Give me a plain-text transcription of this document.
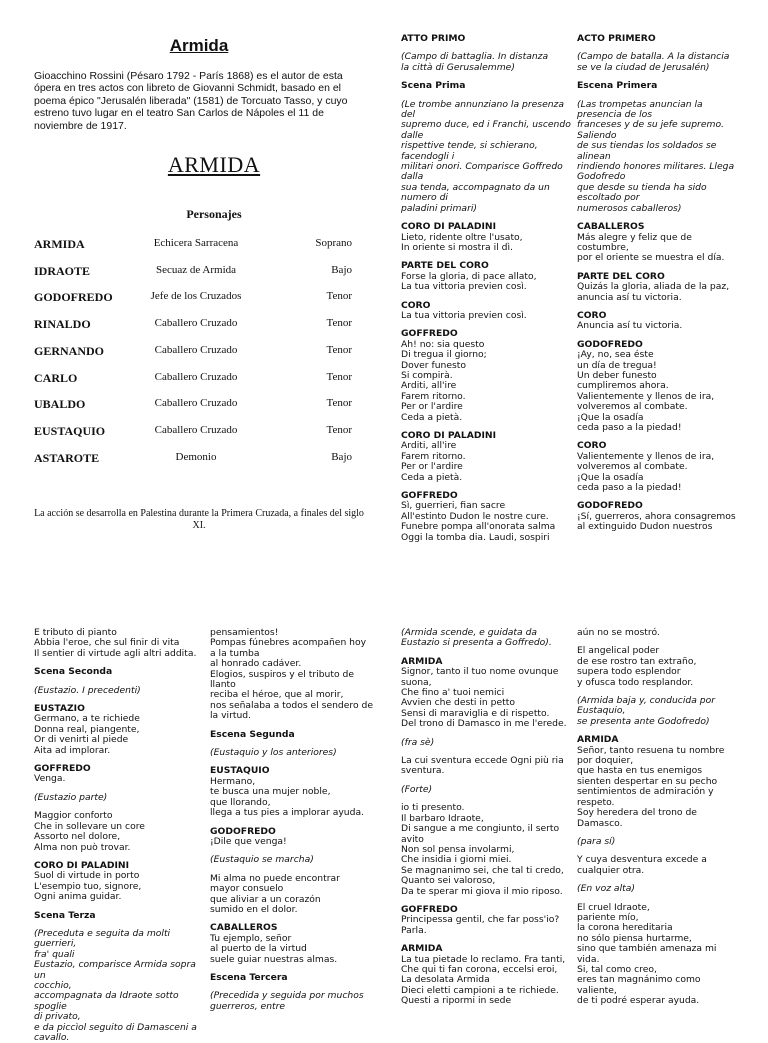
Armida
Gioacchino Rossini (Pésaro 1792 - París 1868) es el autor de esta ópera en tres actos con libreto de Giovanni Schmidt, basado en el poema épico "Jerusalén liberada" (1581) de Torcuato Tasso, y cuyo estreno tuvo lugar en el teatro San Carlos de Nápoles el 11 de noviembre de 1917.
ARMIDA
Personajes
ARMIDA	Echicera Sarracena	Soprano
IDRAOTE	Secuaz de Armida	Bajo
GODOFREDO	Jefe de los Cruzados	Tenor
RINALDO	Caballero Cruzado	Tenor
GERNANDO	Caballero Cruzado	Tenor
CARLO	Caballero Cruzado	Tenor
UBALDO	Caballero Cruzado	Tenor
EUSTAQUIO	Caballero Cruzado	Tenor
ASTAROTE	Demonio	Bajo
La acción se desarrolla en Palestina durante la Primera Cruzada, a finales del siglo XI.
ATTO PRIMO
(Campo di battaglia. In distanza
la città di Gerusalemme)
Scena Prima
(Le trombe annunziano la presenza del
supremo duce, ed i Franchi, uscendo
dalle
rispettive tende, si schierano,
facendogli i
militari onori. Comparisce Goffredo
dalla
sua tenda, accompagnato da un
numero di
paladini primari)
CORO DI PALADINI
Lieto, ridente oltre l'usato,
In oriente si mostra il dì.
PARTE DEL CORO
Forse la gloria, di pace allato,
La tua vittoria previen così.
CORO
La tua vittoria previen così.
GOFFREDO
Ah! no: sia questo
Di tregua il giorno;
Dover funesto
Si compirà.
Arditi, all'ire
Farem ritorno.
Per or l'ardire
Ceda a pietà.
CORO DI PALADINI
Arditi, all'ire
Farem ritorno.
Per or l'ardire
Ceda a pietà.
GOFFREDO
Sì, guerrieri, fian sacre
All'estinto Dudon le nostre cure.
Funebre pompa all'onorata salma
Oggi la tomba dia. Laudi, sospiri
ACTO PRIMERO
(Campo de batalla. A la distancia
se ve la ciudad de Jerusalén)
Escena Primera
(Las trompetas anuncian la
presencia de los
franceses y de su jefe supremo.
Saliendo
de sus tiendas los soldados se
alinean
rindiendo honores militares. Llega
Godofredo
que desde su tienda ha sido
escoltado por
numerosos caballeros)
CABALLEROS
Más alegre y feliz que de
costumbre,
por el oriente se muestra el día.
PARTE DEL CORO
Quizás la gloria, aliada de la paz,
anuncia así tu victoria.
CORO
Anuncia así tu victoria.
GODOFREDO
¡Ay, no, sea éste
un día de tregua!
Un deber funesto
cumpliremos ahora.
Valientemente y llenos de ira,
volveremos al combate.
¡Que la osadía
ceda paso a la piedad!
CORO
Valientemente y llenos de ira,
volveremos al combate.
¡Que la osadía
ceda paso a la piedad!
GODOFREDO
¡Sí, guerreros, ahora consagremos
al extinguido Dudon nuestros
E tributo di pianto
Abbia l'eroe, che sul finir di vita
Il sentier di virtude agli altri addita.
Scena Seconda
(Eustazio. I precedenti)
EUSTAZIO
Germano, a te richiede
Donna real, piangente,
Or di venirti al piede
Aita ad implorar.
GOFFREDO
Venga.
(Eustazio parte)
Maggior conforto
Che in sollevare un core
Assorto nel dolore,
Alma non può trovar.
CORO DI PALADINI
Suol di virtude in porto
L'esempio tuo, signore,
Ogni anima guidar.
Scena Terza
(Preceduta e seguita da molti guerrieri,
fra' quali
Eustazio, comparisce Armida sopra un
cocchio,
accompagnata da Idraote sotto spoglie
di privato,
e da piccìol seguito di Damasceni a
cavallo.
pensamientos!
Pompas fúnebres acompañen hoy
a la tumba
al honrado cadáver.
Elogios, suspiros y el tributo de
llanto
reciba el héroe, que al morir,
nos señalaba a todos el sendero de
la virtud.
Escena Segunda
(Eustaquio y los anteriores)
EUSTAQUIO
Hermano,
te busca una mujer noble,
que llorando,
llega a tus pies a implorar ayuda.
GODOFREDO
¡Dile que venga!
(Eustaquio se marcha)
Mi alma no puede encontrar
mayor consuelo
que aliviar a un corazón
sumido en el dolor.
CABALLEROS
Tu ejemplo, señor
al puerto de la virtud
suele guiar nuestras almas.
Escena Tercera
(Precedida y seguida por muchos
guerreros, entre
(Armida scende, e guidata da
Eustazio si presenta a Goffredo).
ARMIDA
Signor, tanto il tuo nome ovunque
suona,
Che fino a' tuoi nemici
Avvien che desti in petto
Sensi di maraviglia e di rispetto.
Del trono di Damasco in me l'erede.
(fra sè)
La cui sventura eccede Ogni più ria
sventura.
(Forte)
io ti presento.
Il barbaro Idraote,
Di sangue a me congiunto, il serto
avito
Non sol pensa involarmi,
Che insidia i giorni miei.
Se magnanimo sei, che tal ti credo,
Quanto sei valoroso,
Da te sperar mi giova il mio riposo.
GOFFREDO
Principessa gentil, che far poss'io?
Parla.
ARMIDA
La tua pietade lo reclamo. Fra tanti,
Che qui ti fan corona, eccelsi eroi,
La desolata Armida
Dieci eletti campioni a te richiede.
Questi a ripormi in sede
aún no se mostró.
El angelical poder
de ese rostro tan extraño,
supera todo esplendor
y ofusca todo resplandor.
(Armida baja y, conducida por
Eustaquio,
se presenta ante Godofredo)
ARMIDA
Señor, tanto resuena tu nombre
por doquier,
que hasta en tus enemigos
sienten despertar en su pecho
sentimientos de admiración y
respeto.
Soy heredera del trono de
Damasco.
(para sí)
Y cuya desventura excede a
cualquier otra.
(En voz alta)
El cruel Idraote,
pariente mío,
la corona hereditaria
no sólo piensa hurtarme,
sino que también amenaza mi
vida.
Si, tal como creo,
eres tan magnánimo como
valiente,
de ti podré esperar ayuda.
